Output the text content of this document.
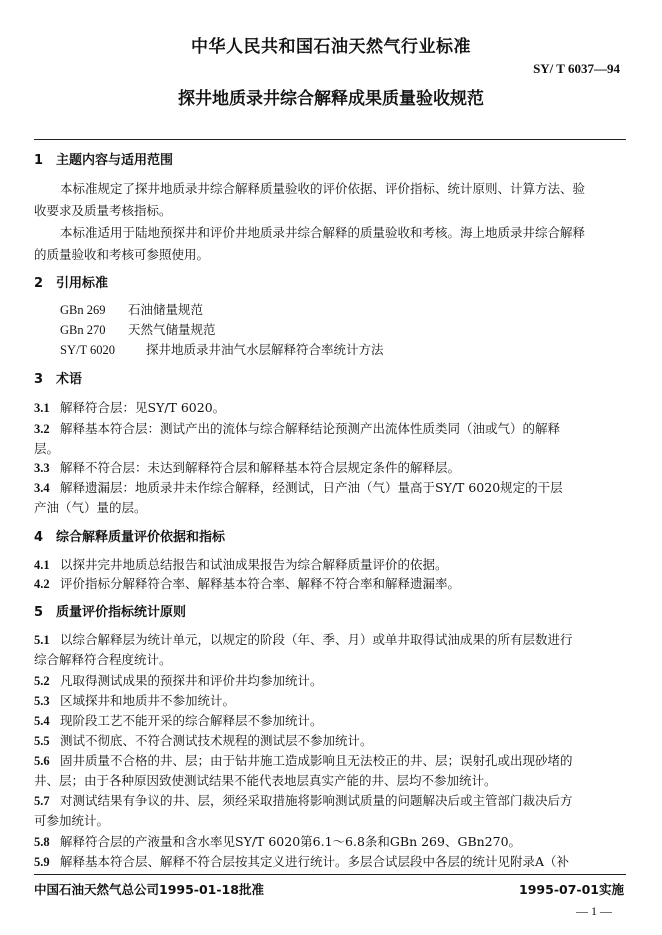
中华人民共和国石油天然气行业标准
SY/ T 6037—94
探井地质录井综合解释成果质量验收规范
1 主题内容与适用范围
本标准规定了探井地质录井综合解释质量验收的评价依据、评价指标、统计原则、计算方法、验
收要求及质量考核指标。
本标准适用于陆地预探井和评价井地质录井综合解释的质量验收和考核。海上地质录井综合解释
的质量验收和考核可参照使用。
2 引用标准
GBn 269 石油储量规范
GBn 270 天然气储量规范
SY/T 6020 探井地质录井油气水层解释符合率统计方法
3 术语
3.1 解释符合层：见SY/T 6020。
3.2 解释基本符合层：测试产出的流体与综合解释结论预测产出流体性质类同（油或气）的解释
层。
3.3 解释不符合层：未达到解释符合层和解释基本符合层规定条件的解释层。
3.4 解释遗漏层：地质录井未作综合解释，经测试，日产油（气）量高于SY/T 6020规定的干层
产油（气）量的层。
4 综合解释质量评价依据和指标
4.1 以探井完井地质总结报告和试油成果报告为综合解释质量评价的依据。
4.2 评价指标分解释符合率、解释基本符合率、解释不符合率和解释遗漏率。
5 质量评价指标统计原则
5.1 以综合解释层为统计单元，以规定的阶段（年、季、月）或单井取得试油成果的所有层数进行
综合解释符合程度统计。
5.2 凡取得测试成果的预探井和评价井均参加统计。
5.3 区域探井和地质井不参加统计。
5.4 现阶段工艺不能开采的综合解释层不参加统计。
5.5 测试不彻底、不符合测试技术规程的测试层不参加统计。
5.6 固井质量不合格的井、层；由于钻井施工造成影响且无法校正的井、层；误射孔或出现砂堵的
井、层；由于各种原因致使测试结果不能代表地层真实产能的井、层均不参加统计。
5.7 对测试结果有争议的井、层，须经采取措施将影响测试质量的问题解决后或主管部门裁决后方
可参加统计。
5.8 解释符合层的产液量和含水率见SY/T 6020第6.1～6.8条和GBn 269、GBn270。
5.9 解释基本符合层、解释不符合层按其定义进行统计。多层合试层段中各层的统计见附录A（补
中国石油天然气总公司1995-01-18批准	1995-07-01实施
— 1 —
